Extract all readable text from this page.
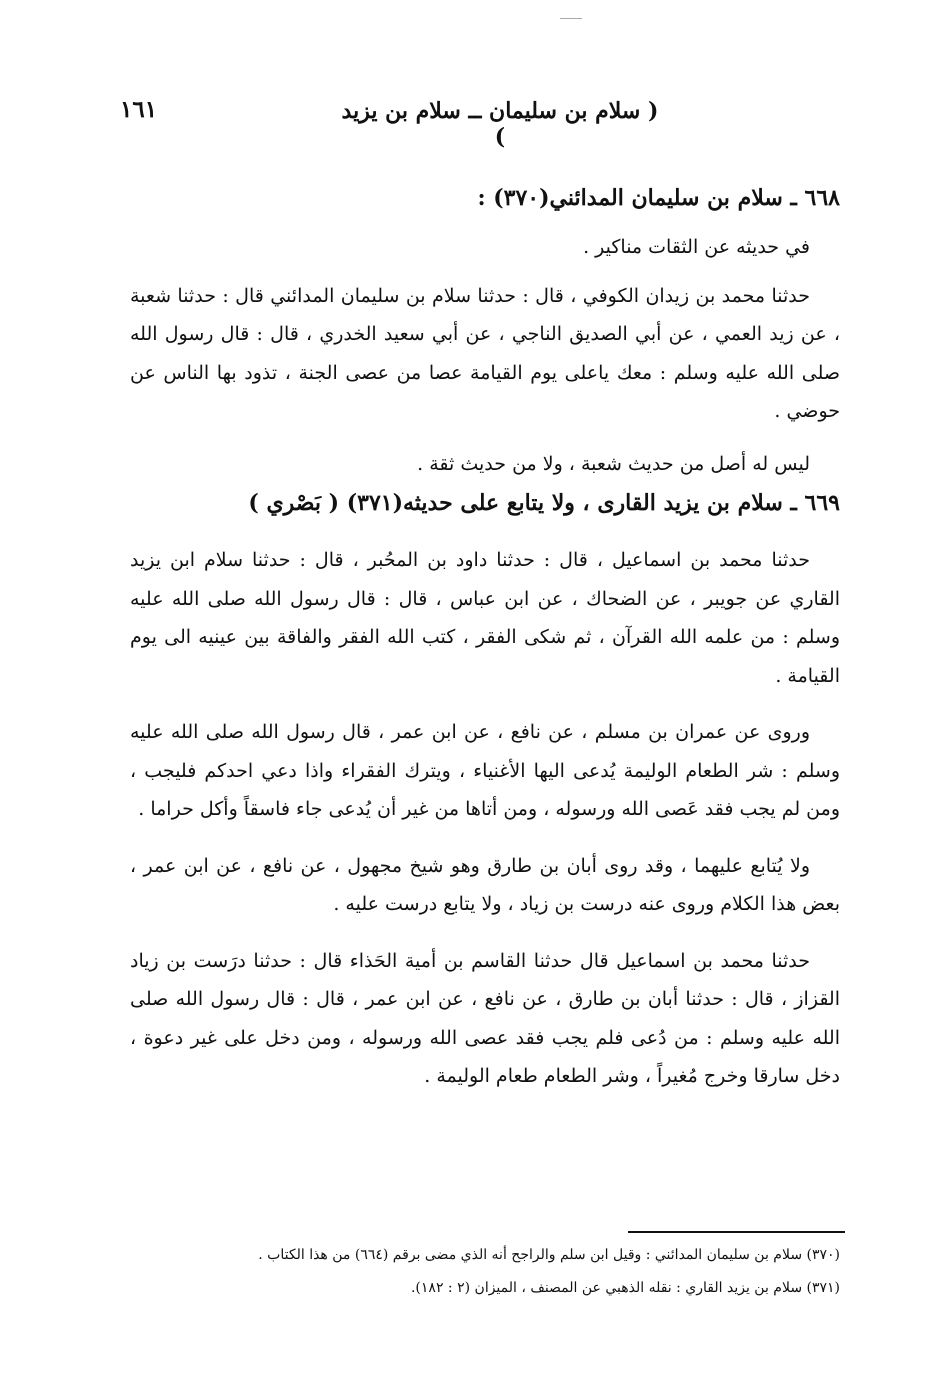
( سلام بن سليمان ــ سلام بن يزيد )
١٦١

٦٦٨ ـ سلام بن سليمان المدائني(٣٧٠) :

في حديثه عن الثقات مناكير .

حدثنا محمد بن زيدان الكوفي ، قال : حدثنا سلام بن سليمان المدائني قال : حدثنا شعبة ، عن زيد العمي ، عن أبي الصديق الناجي ، عن أبي سعيد الخدري ، قال : قال رسول الله صلى الله عليه وسلم : معك ياعلى يوم القيامة عصا من عصى الجنة ، تذود بها الناس عن حوضي .

ليس له أصل من حديث شعبة ، ولا من حديث ثقة .

٦٦٩ ـ سلام بن يزيد القارى ، ولا يتابع على حديثه(٣٧١) ( بَصْري )

حدثنا محمد بن اسماعيل ، قال : حدثنا داود بن المحُبر ، قال : حدثنا سلام ابن يزيد القاري عن جويبر ، عن الضحاك ، عن ابن عباس ، قال : قال رسول الله صلى الله عليه وسلم : من علمه الله القرآن ، ثم شكى الفقر ، كتب الله الفقر والفاقة بين عينيه الى يوم القيامة .

وروى عن عمران بن مسلم ، عن نافع ، عن ابن عمر ، قال رسول الله صلى الله عليه وسلم : شر الطعام الوليمة يُدعى اليها الأغنياء ، ويترك الفقراء واذا دعي احدكم فليجب ، ومن لم يجب فقد عَصى الله ورسوله ، ومن أتاها من غير أن يُدعى جاء فاسقاً وأكل حراما .

ولا يُتابع عليهما ، وقد روى أبان بن طارق وهو شيخ مجهول ، عن نافع ، عن ابن عمر ، بعض هذا الكلام وروى عنه درست بن زياد ، ولا يتابع درست عليه .

حدثنا محمد بن اسماعيل قال حدثنا القاسم بن أمية الحَذاء قال : حدثنا درَست بن زياد القزاز ، قال : حدثنا أبان بن طارق ، عن نافع ، عن ابن عمر ، قال : قال رسول الله صلى الله عليه وسلم : من دُعى فلم يجب فقد عصى الله ورسوله ، ومن دخل على غير دعوة ، دخل سارقا وخرج مُغيراً ، وشر الطعام طعام الوليمة .

(٣٧٠) سلام بن سليمان المدائني : وقيل ابن سلم والراجح أنه الذي مضى برقم (٦٦٤) من هذا الكتاب .

(٣٧١) سلام بن يزيد القاري : نقله الذهبي عن المصنف ، الميزان (٢ : ١٨٢).
